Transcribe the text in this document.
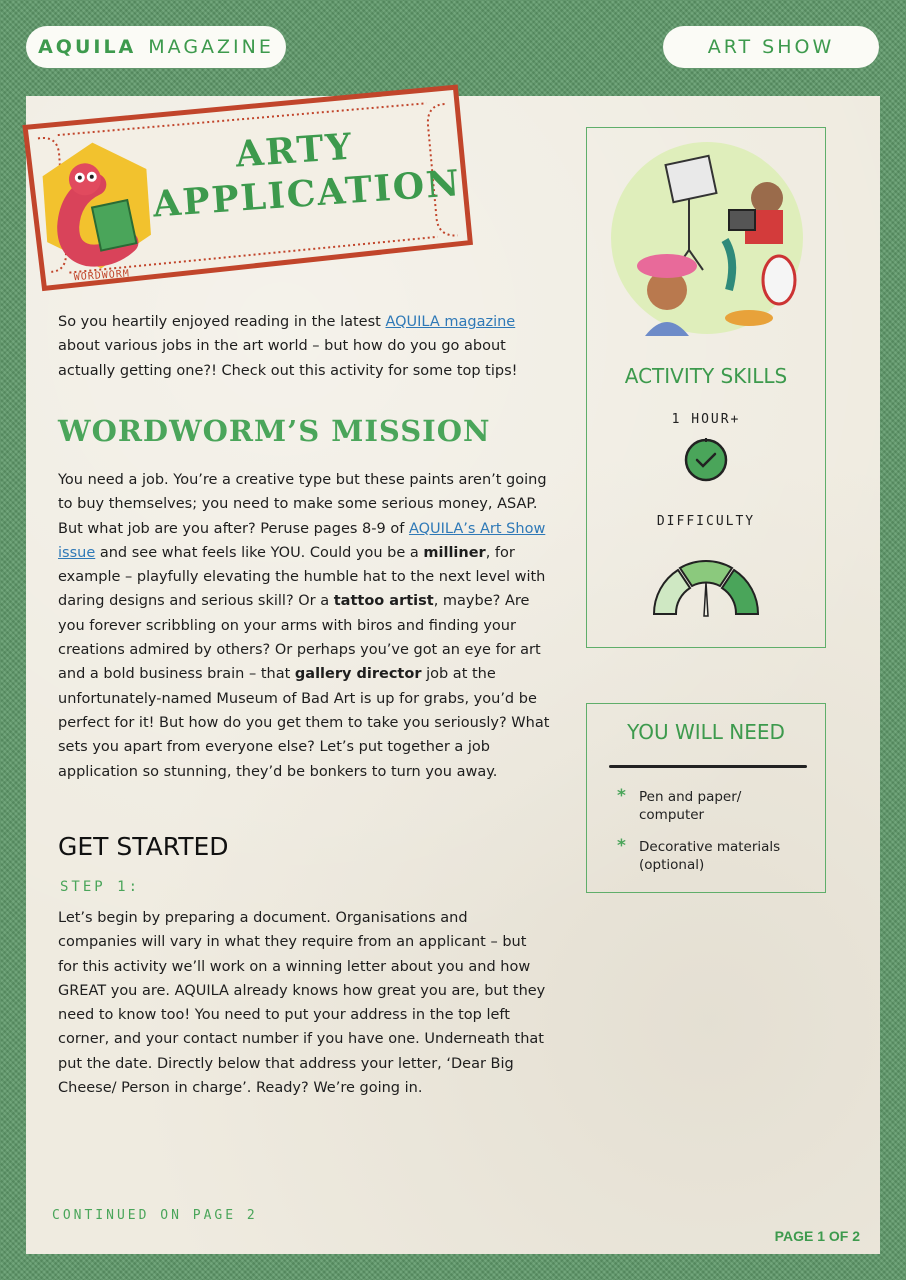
AQUILA MAGAZINE	ART SHOW
ARTY
APPLICATION
WORDWORM
So you heartily enjoyed reading in the latest AQUILA magazine about various jobs in the art world – but how do you go about actually getting one?! Check out this activity for some top tips!
WORDWORM’S MISSION
You need a job. You’re a creative type but these paints aren’t going to buy themselves; you need to make some serious money, ASAP. But what job are you after? Peruse pages 8-9 of AQUILA’s Art Show issue and see what feels like YOU. Could you be a milliner, for example – playfully elevating the humble hat to the next level with daring designs and serious skill? Or a tattoo artist, maybe? Are you forever scribbling on your arms with biros and finding your creations admired by others? Or perhaps you’ve got an eye for art and a bold business brain – that gallery director job at the unfortunately-named Museum of Bad Art is up for grabs, you’d be perfect for it! But how do you get them to take you seriously? What sets you apart from everyone else? Let’s put together a job application so stunning, they’d be bonkers to turn you away.
GET STARTED
STEP 1:
Let’s begin by preparing a document. Organisations and companies will vary in what they require from an applicant – but for this activity we’ll work on a winning letter about you and how GREAT you are. AQUILA already knows how great you are, but they need to know too! You need to put your address in the top left corner, and your contact number if you have one. Underneath that put the date. Directly below that address your letter, ‘Dear Big Cheese/ Person in charge’. Ready? We’re going in.
ACTIVITY SKILLS
1 HOUR+
DIFFICULTY
YOU WILL NEED
* Pen and paper/ computer
* Decorative materials (optional)
CONTINUED ON PAGE 2
PAGE 1 OF 2
